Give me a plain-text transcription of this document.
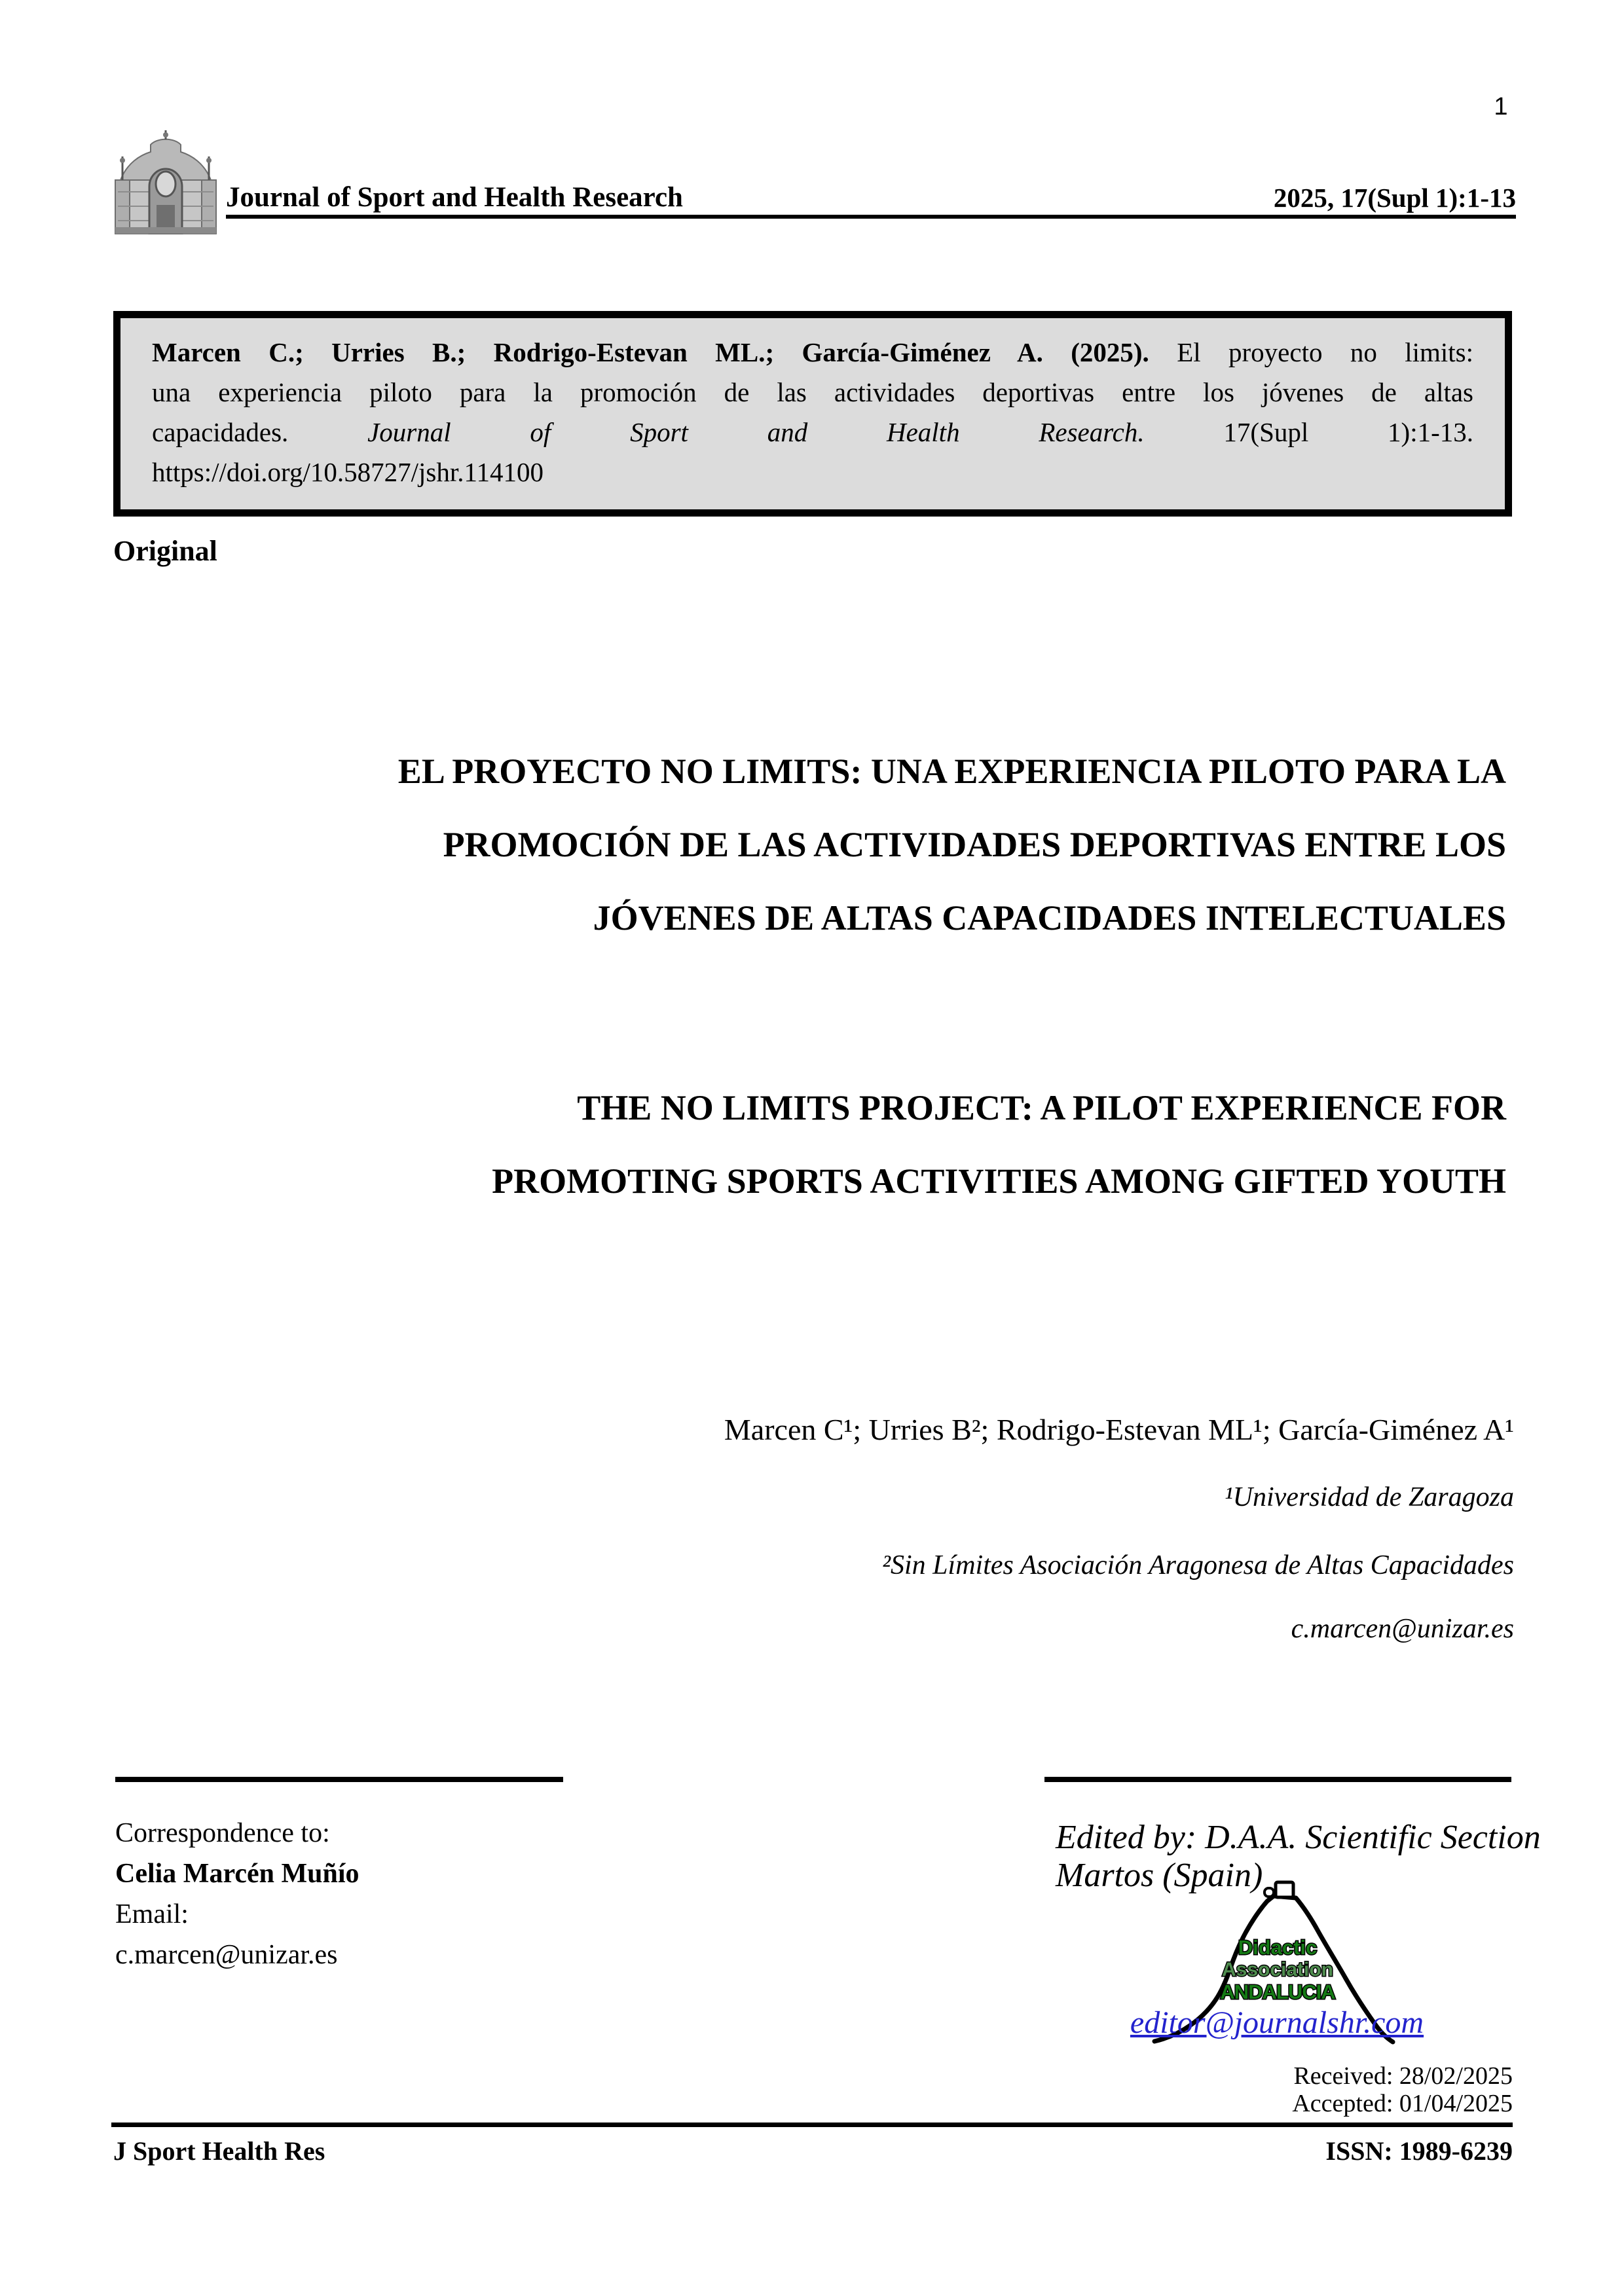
1
Journal of Sport and Health Research	2025, 17(Supl 1):1-13
Marcen C.; Urries B.; Rodrigo-Estevan ML.; García-Giménez A. (2025). El proyecto no limits:
una experiencia piloto para la promoción de las actividades deportivas entre los jóvenes de altas
capacidades.	Journal of Sport and Health Research.	17(Supl 1):1-13.
https://doi.org/10.58727/jshr.114100
Original
EL PROYECTO NO LIMITS: UNA EXPERIENCIA PILOTO PARA LA
PROMOCIÓN DE LAS ACTIVIDADES DEPORTIVAS ENTRE LOS
JÓVENES DE ALTAS CAPACIDADES INTELECTUALES
THE NO LIMITS PROJECT: A PILOT EXPERIENCE FOR
PROMOTING SPORTS ACTIVITIES AMONG GIFTED YOUTH
Marcen C¹; Urries B²; Rodrigo-Estevan ML¹; García-Giménez A¹
¹Universidad de Zaragoza
²Sin Límites Asociación Aragonesa de Altas Capacidades
c.marcen@unizar.es
Correspondence to:
Celia Marcén Muñío
Email:
c.marcen@unizar.es
Edited by: D.A.A. Scientific Section
Martos (Spain)
Didactic
Association
ANDALUCIA
editor@journalshr.com
Received: 28/02/2025
Accepted: 01/04/2025
J Sport Health Res	ISSN: 1989-6239
